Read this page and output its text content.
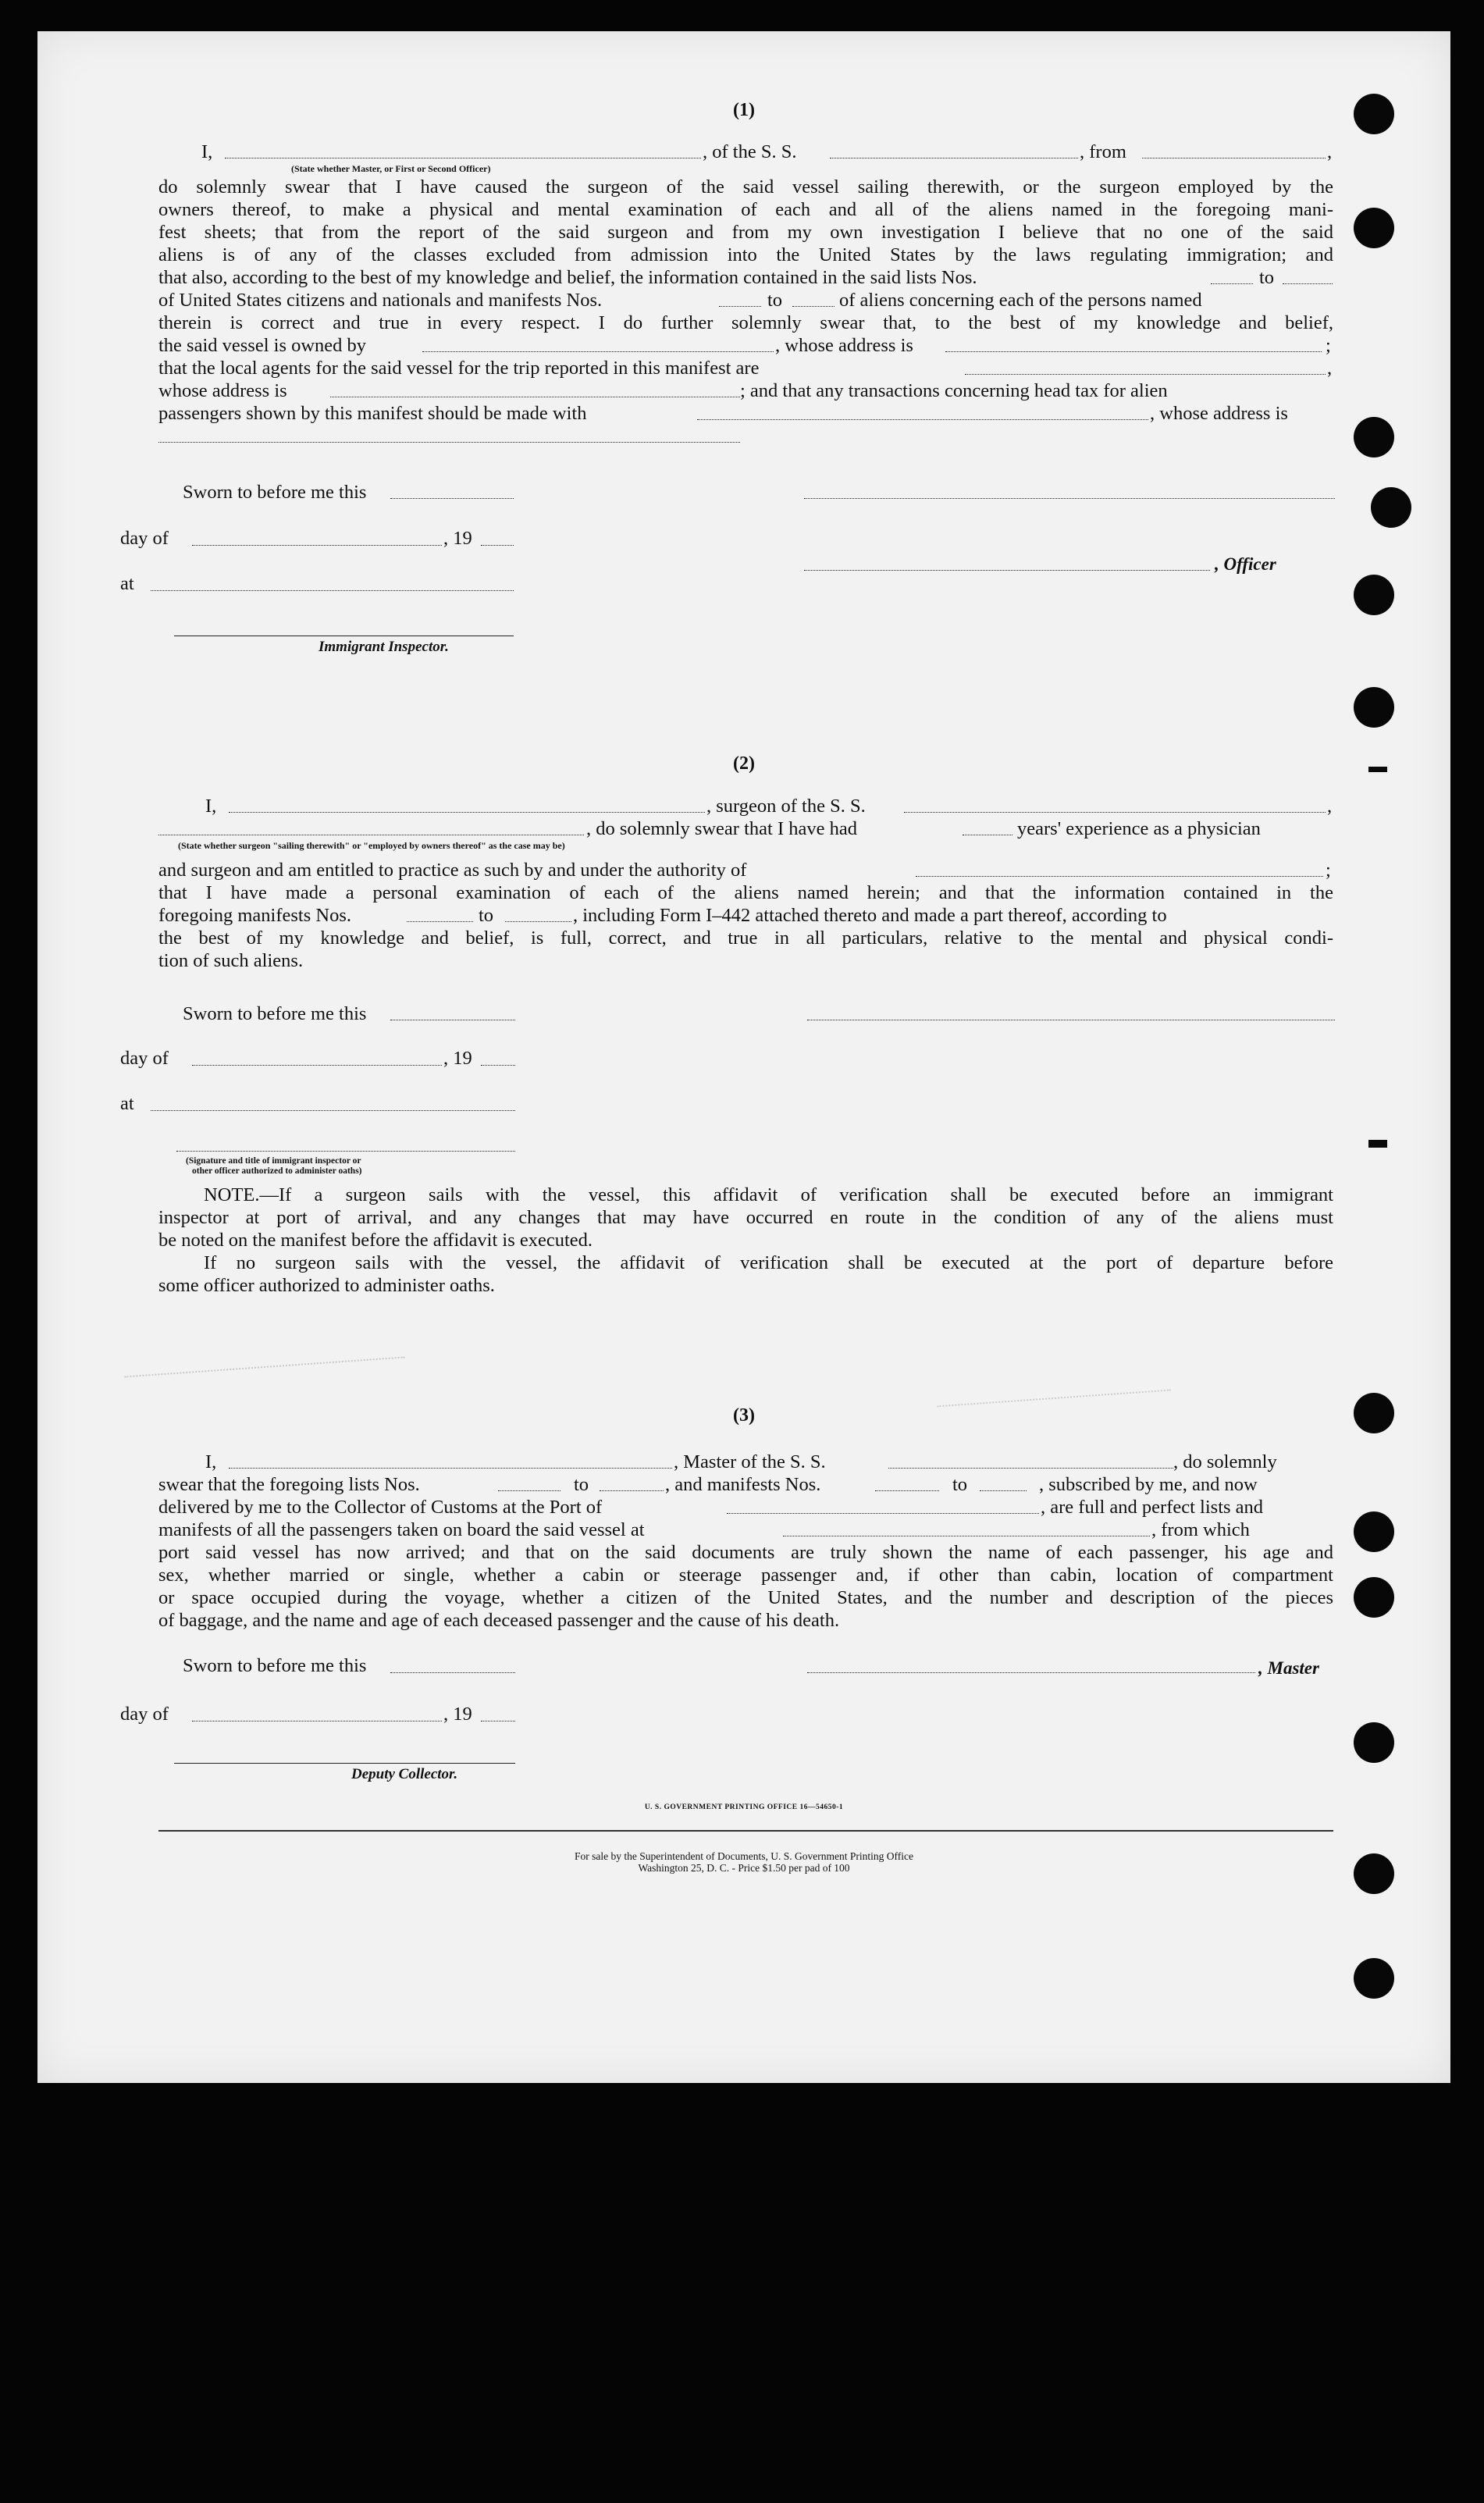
(1)
I,	, of the S. S.	, from	,
(State whether Master, or First or Second Officer)
do solemnly swear that I have caused the surgeon of the said vessel sailing therewith, or the surgeon employed by the
owners thereof, to make a physical and mental examination of each and all of the aliens named in the foregoing mani-
fest sheets; that from the report of the said surgeon and from my own investigation I believe that no one of the said
aliens is of any of the classes excluded from admission into the United States by the laws regulating immigration; and
that also, according to the best of my knowledge and belief, the information contained in the said lists Nos.	to
of United States citizens and nationals and manifests Nos.	to	of aliens concerning each of the persons named
therein is correct and true in every respect. I do further solemnly swear that, to the best of my knowledge and belief,
the said vessel is owned by	, whose address is	;
that the local agents for the said vessel for the trip reported in this manifest are	,
whose address is	; and that any transactions concerning head tax for alien
passengers shown by this manifest should be made with	, whose address is
Sworn to before me this
day of	, 19
, Officer
at
Immigrant Inspector.
(2)
I,	, surgeon of the S. S.	,
, do solemnly swear that I have had	years' experience as a physician
(State whether surgeon "sailing therewith" or "employed by owners thereof" as the case may be)
and surgeon and am entitled to practice as such by and under the authority of	;
that I have made a personal examination of each of the aliens named herein; and that the information contained in the
foregoing manifests Nos.	to	, including Form I–442 attached thereto and made a part thereof, according to
the best of my knowledge and belief, is full, correct, and true in all particulars, relative to the mental and physical condi-
tion of such aliens.
Sworn to before me this
day of	, 19
at
(Signature and title of immigrant inspector or
other officer authorized to administer oaths)
NOTE.—If a surgeon sails with the vessel, this affidavit of verification shall be executed before an immigrant
inspector at port of arrival, and any changes that may have occurred en route in the condition of any of the aliens must
be noted on the manifest before the affidavit is executed.
If no surgeon sails with the vessel, the affidavit of verification shall be executed at the port of departure before
some officer authorized to administer oaths.
(3)
I,	, Master of the S. S.	, do solemnly
swear that the foregoing lists Nos.	to	, and manifests Nos.	to	, subscribed by me, and now
delivered by me to the Collector of Customs at the Port of	, are full and perfect lists and
manifests of all the passengers taken on board the said vessel at	, from which
port said vessel has now arrived; and that on the said documents are truly shown the name of each passenger, his age and
sex, whether married or single, whether a cabin or steerage passenger and, if other than cabin, location of compartment
or space occupied during the voyage, whether a citizen of the United States, and the number and description of the pieces
of baggage, and the name and age of each deceased passenger and the cause of his death.
Sworn to before me this	, Master
day of	, 19
Deputy Collector.
U. S. GOVERNMENT PRINTING OFFICE 16—54650-1
For sale by the Superintendent of Documents, U. S. Government Printing Office
Washington 25, D. C. - Price $1.50 per pad of 100
